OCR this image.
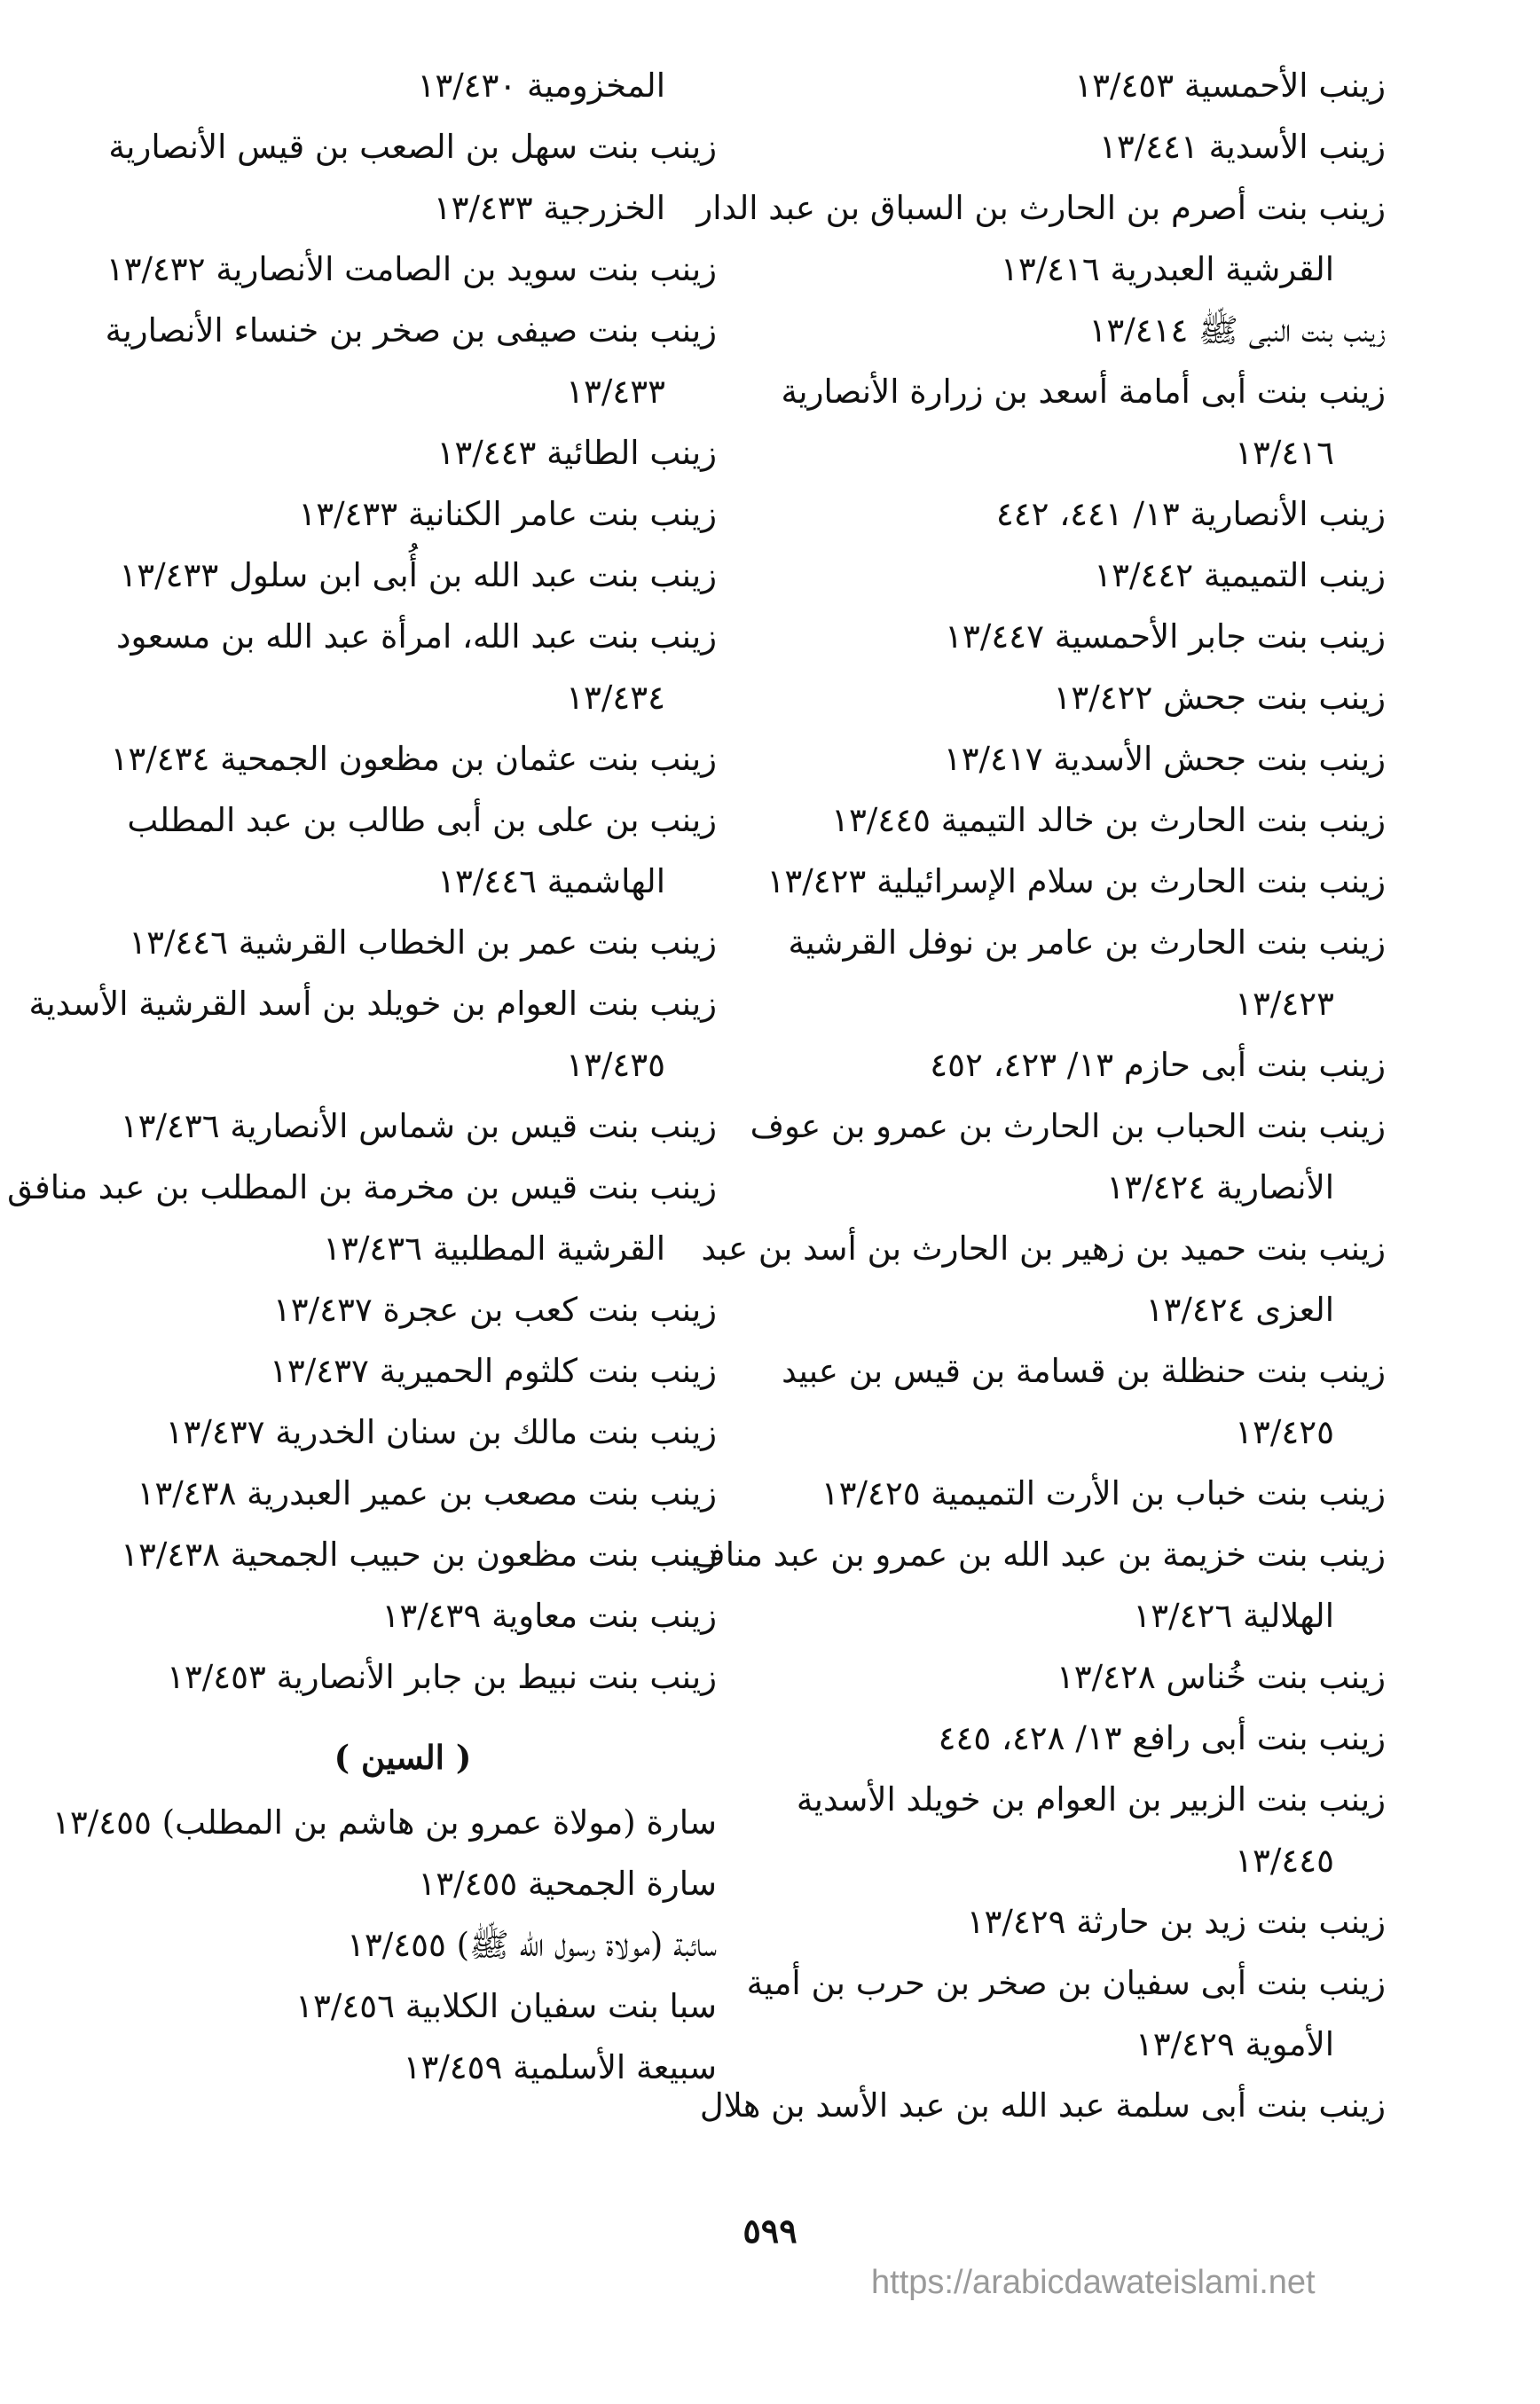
زينب الأحمسية ١٣/٤٥٣
زينب الأسدية ١٣/٤٤١
زينب بنت أصرم بن الحارث بن السباق بن عبد الدار
القرشية العبدرية ١٣/٤١٦
زينب بنت النبى ﷺ ١٣/٤١٤
زينب بنت أبى أمامة أسعد بن زرارة الأنصارية
١٣/٤١٦
زينب الأنصارية ١٣/ ٤٤١، ٤٤٢
زينب التميمية ١٣/٤٤٢
زينب بنت جابر الأحمسية ١٣/٤٤٧
زينب بنت جحش ١٣/٤٢٢
زينب بنت جحش الأسدية ١٣/٤١٧
زينب بنت الحارث بن خالد التيمية ١٣/٤٤٥
زينب بنت الحارث بن سلام الإسرائيلية ١٣/٤٢٣
زينب بنت الحارث بن عامر بن نوفل القرشية
١٣/٤٢٣
زينب بنت أبى حازم ١٣/ ٤٢٣، ٤٥٢
زينب بنت الحباب بن الحارث بن عمرو بن عوف
الأنصارية ١٣/٤٢٤
زينب بنت حميد بن زهير بن الحارث بن أسد بن عبد
العزى ١٣/٤٢٤
زينب بنت حنظلة بن قسامة بن قيس بن عبيد
١٣/٤٢٥
زينب بنت خباب بن الأرت التميمية ١٣/٤٢٥
زينب بنت خزيمة بن عبد الله بن عمرو بن عبد مناف
الهلالية ١٣/٤٢٦
زينب بنت خُناس ١٣/٤٢٨
زينب بنت أبى رافع ١٣/ ٤٢٨، ٤٤٥
زينب بنت الزبير بن العوام بن خويلد الأسدية
١٣/٤٤٥
زينب بنت زيد بن حارثة ١٣/٤٢٩
زينب بنت أبى سفيان بن صخر بن حرب بن أمية
الأموية ١٣/٤٢٩
زينب بنت أبى سلمة عبد الله بن عبد الأسد بن هلال
المخزومية ١٣/٤٣٠
زينب بنت سهل بن الصعب بن قيس الأنصارية
الخزرجية ١٣/٤٣٣
زينب بنت سويد بن الصامت الأنصارية ١٣/٤٣٢
زينب بنت صيفى بن صخر بن خنساء الأنصارية
١٣/٤٣٣
زينب الطائية ١٣/٤٤٣
زينب بنت عامر الكنانية ١٣/٤٣٣
زينب بنت عبد الله بن أُبى ابن سلول ١٣/٤٣٣
زينب بنت عبد الله، امرأة عبد الله بن مسعود
١٣/٤٣٤
زينب بنت عثمان بن مظعون الجمحية ١٣/٤٣٤
زينب بن على بن أبى طالب بن عبد المطلب
الهاشمية ١٣/٤٤٦
زينب بنت عمر بن الخطاب القرشية ١٣/٤٤٦
زينب بنت العوام بن خويلد بن أسد القرشية الأسدية
١٣/٤٣٥
زينب بنت قيس بن شماس الأنصارية ١٣/٤٣٦
زينب بنت قيس بن مخرمة بن المطلب بن عبد منافق
القرشية المطلبية ١٣/٤٣٦
زينب بنت كعب بن عجرة ١٣/٤٣٧
زينب بنت كلثوم الحميرية ١٣/٤٣٧
زينب بنت مالك بن سنان الخدرية ١٣/٤٣٧
زينب بنت مصعب بن عمير العبدرية ١٣/٤٣٨
زينب بنت مظعون بن حبيب الجمحية ١٣/٤٣٨
زينب بنت معاوية ١٣/٤٣٩
زينب بنت نبيط بن جابر الأنصارية ١٣/٤٥٣
( السين )
سارة (مولاة عمرو بن هاشم بن المطلب) ١٣/٤٥٥
سارة الجمحية ١٣/٤٥٥
سائبة (مولاة رسول الله ﷺ) ١٣/٤٥٥
سبا بنت سفيان الكلابية ١٣/٤٥٦
سبيعة الأسلمية ١٣/٤٥٩
٥٩٩
https://arabicdawateislami.net
